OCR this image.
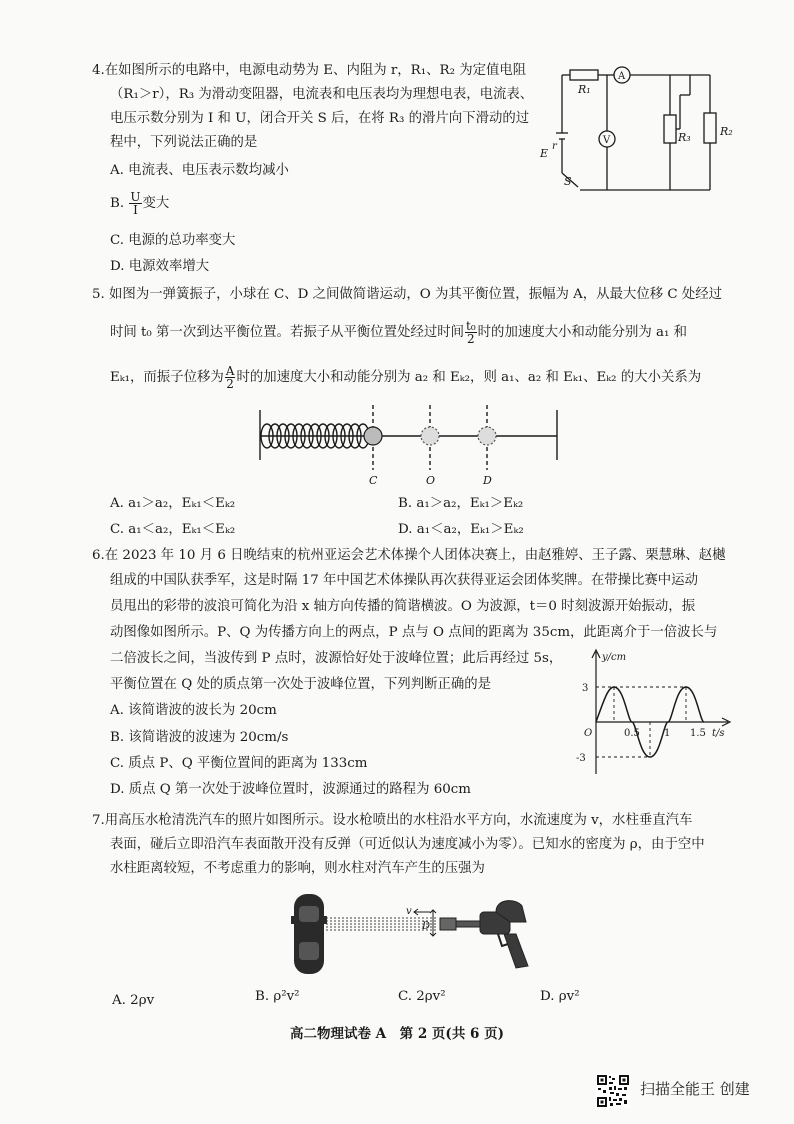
4.在如图所示的电路中，电源电动势为 E、内阻为 r，R₁、R₂ 为定值电阻
（R₁＞r），R₃ 为滑动变阻器，电流表和电压表均为理想电表，电流表、
电压示数分别为 I 和 U，闭合开关 S 后，在将 R₃ 的滑片向下滑动的过
程中，下列说法正确的是
A. 电流表、电压表示数均减小
B. $\frac{U}{I}$ 变大
C. 电源的总功率变大
D. 电源效率增大
R₁
A
V	R₃	R₂
E
r
S
5. 如图为一弹簧振子，小球在 C、D 之间做简谐运动，O 为其平衡位置，振幅为 A，从最大位移 C 处经过
时间 t₀ 第一次到达平衡位置。若振子从平衡位置处经过时间 $\frac{\text{t₀}}{2}$ 时的加速度大小和动能分别为 a₁ 和
Eₖ₁，而振子位移为 $\frac{A}{2}$ 时的加速度大小和动能分别为 a₂ 和 Eₖ₂，则 a₁、a₂ 和 Eₖ₁、Eₖ₂ 的大小关系为
C	O	D
A. a₁＞a₂，Eₖ₁＜Eₖ₂	B. a₁＞a₂，Eₖ₁＞Eₖ₂
C. a₁＜a₂，Eₖ₁＜Eₖ₂	D. a₁＜a₂，Eₖ₁＞Eₖ₂
6.在 2023 年 10 月 6 日晚结束的杭州亚运会艺术体操个人团体决赛上，由赵雅婷、王子露、栗慧琳、赵樾
组成的中国队获季军，这是时隔 17 年中国艺术体操队再次获得亚运会团体奖牌。在带操比赛中运动
员甩出的彩带的波浪可简化为沿 x 轴方向传播的简谐横波。O 为波源，t＝0 时刻波源开始振动，振
动图像如图所示。P、Q 为传播方向上的两点，P 点与 O 点间的距离为 35cm，此距离介于一倍波长与
二倍波长之间，当波传到 P 点时，波源恰好处于波峰位置；此后再经过 5s，
平衡位置在 Q 处的质点第一次处于波峰位置，下列判断正确的是
A. 该简谐波的波长为 20cm
B. 该简谐波的波速为 20cm/s
C. 质点 P、Q 平衡位置间的距离为 133cm
D. 质点 Q 第一次处于波峰位置时，波源通过的路程为 60cm
y/cm
3
-3
O	0.5 1 1.5 t/s
7.用高压水枪清洗汽车的照片如图所示。设水枪喷出的水柱沿水平方向，水流速度为 v，水柱垂直汽车
表面，碰后立即沿汽车表面散开没有反弹（可近似认为速度减小为零）。已知水的密度为 ρ，由于空中
水柱距离较短，不考虑重力的影响，则水柱对汽车产生的压强为
v
D
A. 2ρv	B. ρ²v²	C. 2ρv²	D. ρv²
高二物理试卷 A　第 2 页(共 6 页)
扫描全能王 创建
